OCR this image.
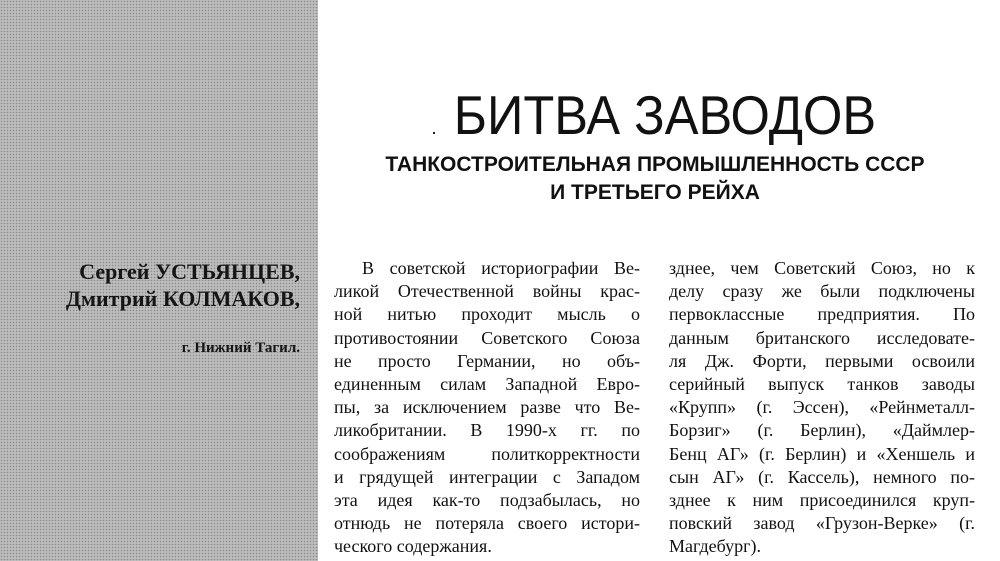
Сергей УСТЬЯНЦЕВ,
Дмитрий КОЛМАКОВ,
г. Нижний Тагил.
БИТВА ЗАВОДОВ
ТАНКОСТРОИТЕЛЬНАЯ ПРОМЫШЛЕННОСТЬ СССР
И ТРЕТЬЕГО РЕЙХА
В советской историографии Ве-
ликой Отечественной войны крас-
ной нитью проходит мысль о
противостоянии Советского Союза
не просто Германии, но объ-
единенным силам Западной Евро-
пы, за исключением разве что Ве-
ликобритании. В 1990-х гг. по
соображениям политкорректности
и грядущей интеграции с Западом
эта идея как-то подзабылась, но
отнюдь не потеряла своего истори-
ческого содержания.
зднее, чем Советский Союз, но к
делу сразу же были подключены
первоклассные предприятия. По
данным британского исследовате-
ля Дж. Форти, первыми освоили
серийный выпуск танков заводы
«Крупп» (г. Эссен), «Рейнметалл-
Борзиг» (г. Берлин), «Даймлер-
Бенц АГ» (г. Берлин) и «Хеншель и
сын АГ» (г. Кассель), немного по-
зднее к ним присоединился круп-
повский завод «Грузон-Верке» (г.
Магдебург).
